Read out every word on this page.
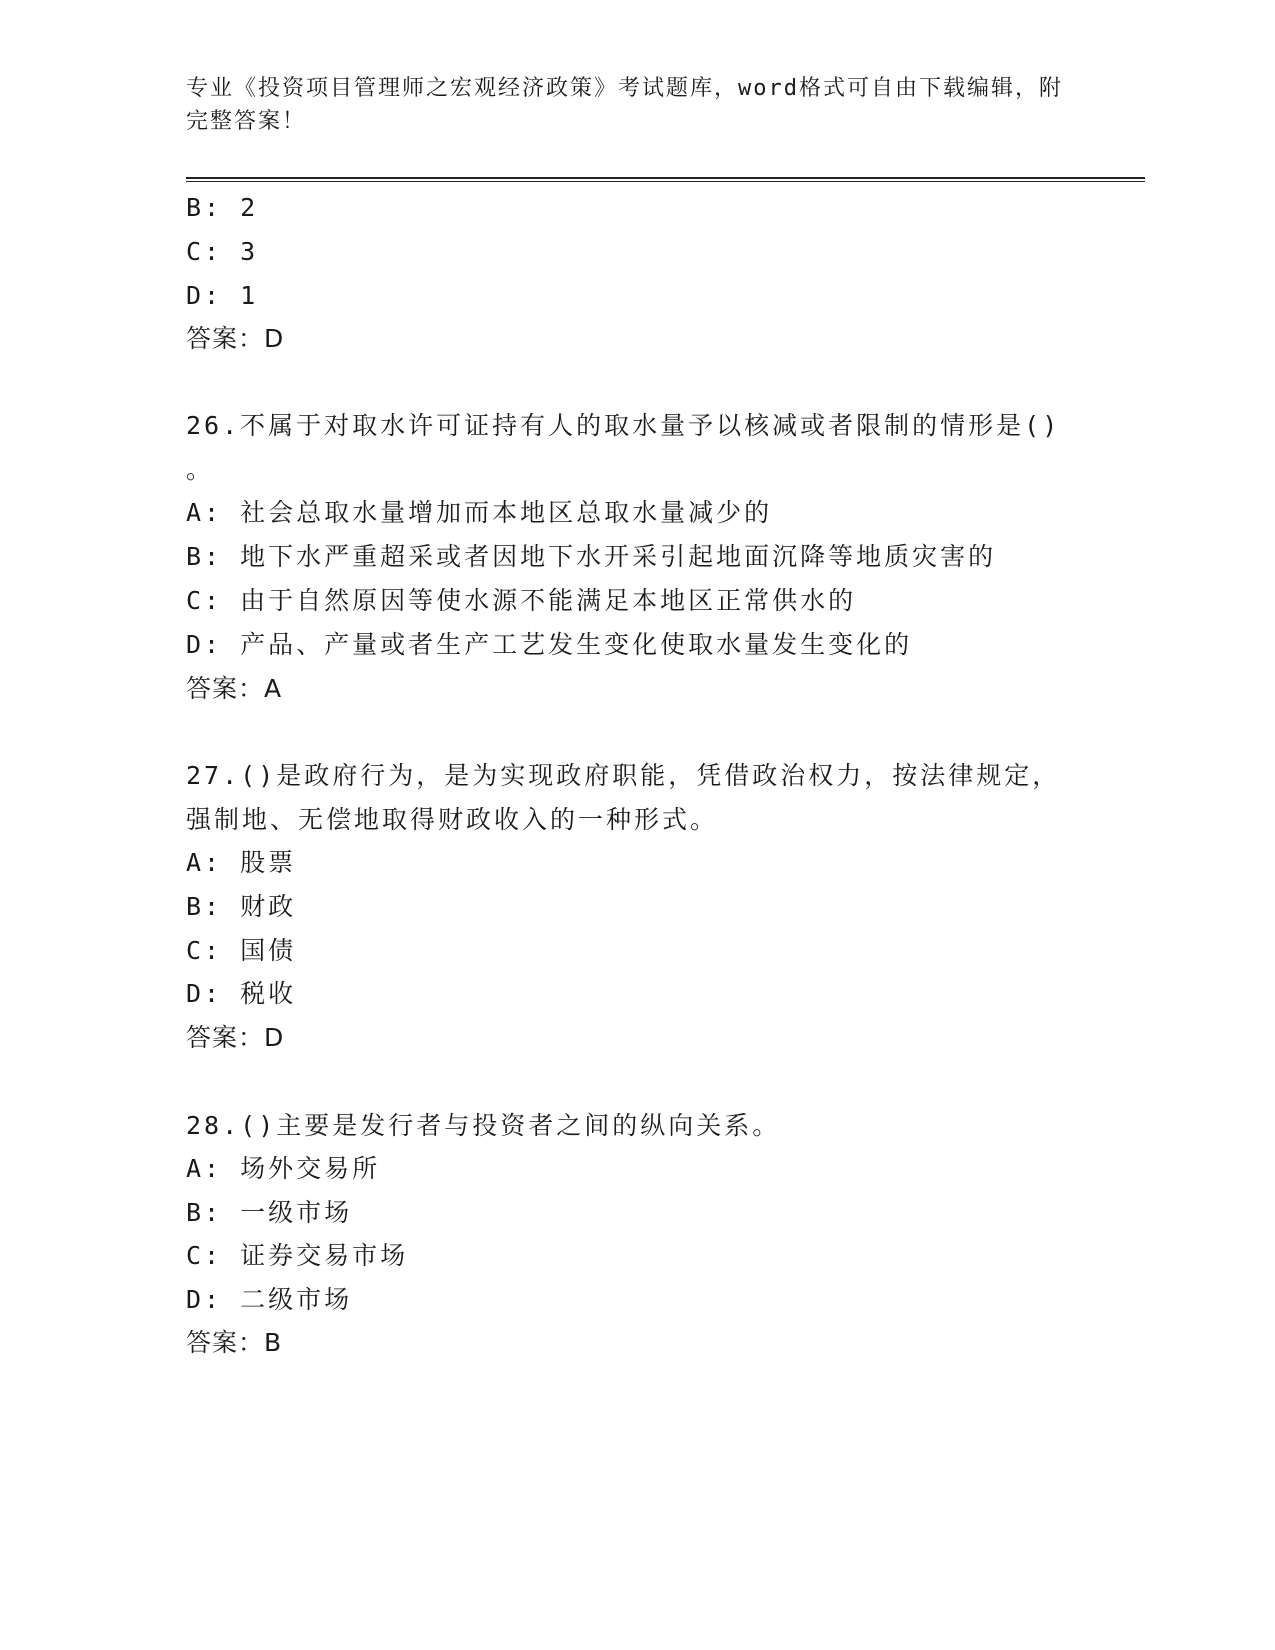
专业《投资项目管理师之宏观经济政策》考试题库，word格式可自由下载编辑，附完整答案！

B: 2

C: 3

D: 1

答案：D

26.不属于对取水许可证持有人的取水量予以核减或者限制的情形是()

。

A: 社会总取水量增加而本地区总取水量减少的

B: 地下水严重超采或者因地下水开采引起地面沉降等地质灾害的

C: 由于自然原因等使水源不能满足本地区正常供水的

D: 产品、产量或者生产工艺发生变化使取水量发生变化的

答案：A

27.()是政府行为，是为实现政府职能，凭借政治权力，按法律规定，

强制地、无偿地取得财政收入的一种形式。

A: 股票

B: 财政

C: 国债

D: 税收

答案：D

28.()主要是发行者与投资者之间的纵向关系。

A: 场外交易所

B: 一级市场

C: 证券交易市场

D: 二级市场

答案：B
